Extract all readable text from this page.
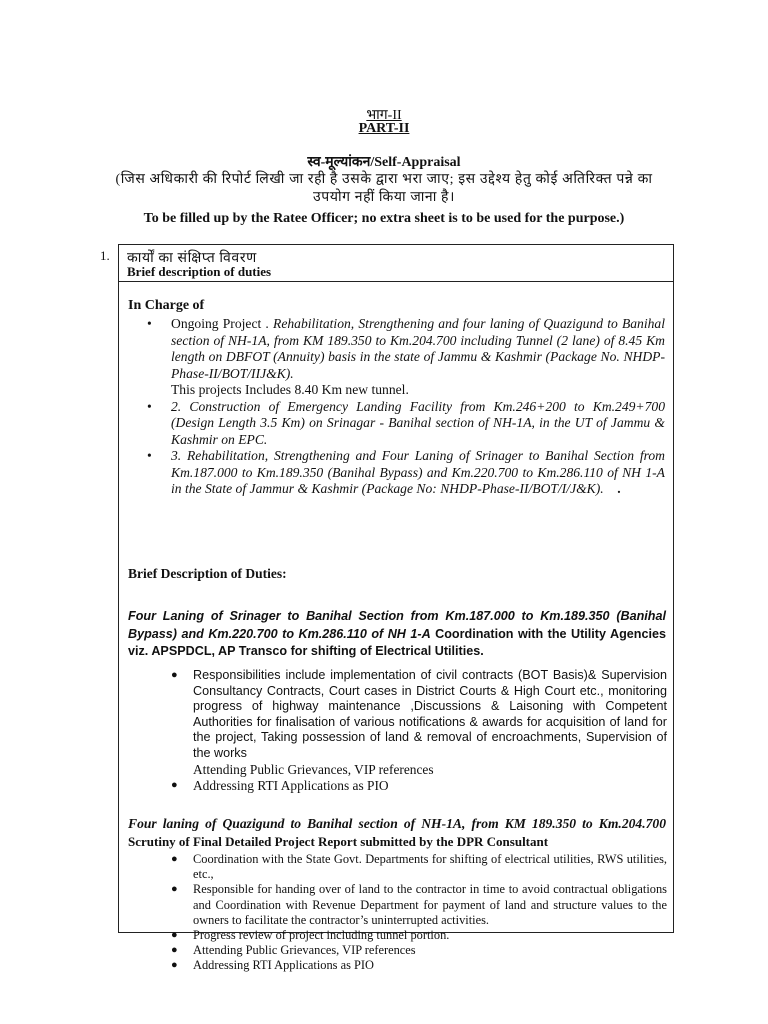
भाग-II
PART-II
स्व-मूल्यांकन/Self-Appraisal
(जिस अधिकारी की रिपोर्ट लिखी जा रही है उसके द्वारा भरा जाए; इस उद्देश्य हेतु कोई अतिरिक्त पन्ने का उपयोग नहीं किया जाना है।
To be filled up by the Ratee Officer; no extra sheet is to be used for the purpose.)
1. कार्यों का संक्षिप्त विवरण
Brief description of duties
In Charge of
• Ongoing Project . Rehabilitation, Strengthening and four laning of Quazigund to Banihal section of NH-1A, from KM 189.350 to Km.204.700 including Tunnel (2 lane) of 8.45 Km length on DBFOT (Annuity) basis in the state of Jammu & Kashmir (Package No. NHDP-Phase-II/BOT/IIJ&K).
This projects Includes 8.40 Km new tunnel.
• 2. Construction of Emergency Landing Facility from Km.246+200 to Km.249+700 (Design Length 3.5 Km) on Srinagar - Banihal section of NH-1A, in the UT of Jammu & Kashmir on EPC.
• 3. Rehabilitation, Strengthening and Four Laning of Srinager to Banihal Section from Km.187.000 to Km.189.350 (Banihal Bypass) and Km.220.700 to Km.286.110 of NH 1-A in the State of Jammur & Kashmir (Package No: NHDP-Phase-II/BOT/I/J&K).    .
Brief Description of Duties:
Four Laning of Srinager to Banihal Section from Km.187.000 to Km.189.350 (Banihal Bypass) and Km.220.700 to Km.286.110 of NH 1-A Coordination with the Utility Agencies viz. APSPDCL, AP Transco for shifting of Electrical Utilities.
● Responsibilities include implementation of civil contracts (BOT Basis)& Supervision Consultancy Contracts, Court cases in District Courts & High Court etc., monitoring progress of highway maintenance ,Discussions & Laisoning with Competent Authorities for finalisation of various notifications & awards for acquisition of land for the project, Taking possession of land & removal of encroachments, Supervision of the works
Attending Public Grievances, VIP references
● Addressing RTI Applications as PIO
Four laning of Quazigund to Banihal section of NH-1A, from KM 189.350 to Km.204.700 Scrutiny of Final Detailed Project Report submitted by the DPR Consultant
● Coordination with the State Govt. Departments for shifting of electrical utilities, RWS utilities, etc.,
● Responsible for handing over of land to the contractor in time to avoid contractual obligations and Coordination with Revenue Department for payment of land and structure values to the owners to facilitate the contractor’s uninterrupted activities.
● Progress review of project including tunnel portion.
● Attending Public Grievances, VIP references
● Addressing RTI Applications as PIO
